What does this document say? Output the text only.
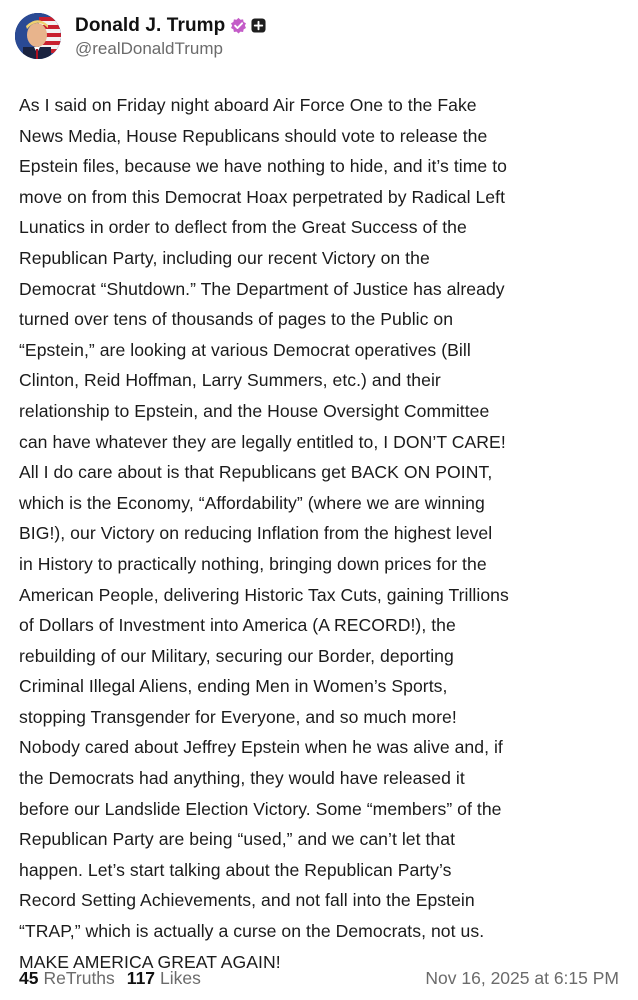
Donald J. Trump
@realDonaldTrump
As I said on Friday night aboard Air Force One to the Fake
News Media, House Republicans should vote to release the
Epstein files, because we have nothing to hide, and it’s time to
move on from this Democrat Hoax perpetrated by Radical Left
Lunatics in order to deflect from the Great Success of the
Republican Party, including our recent Victory on the
Democrat “Shutdown.” The Department of Justice has already
turned over tens of thousands of pages to the Public on
“Epstein,” are looking at various Democrat operatives (Bill
Clinton, Reid Hoffman, Larry Summers, etc.) and their
relationship to Epstein, and the House Oversight Committee
can have whatever they are legally entitled to, I DON’T CARE!
All I do care about is that Republicans get BACK ON POINT,
which is the Economy, “Affordability” (where we are winning
BIG!), our Victory on reducing Inflation from the highest level
in History to practically nothing, bringing down prices for the
American People, delivering Historic Tax Cuts, gaining Trillions
of Dollars of Investment into America (A RECORD!), the
rebuilding of our Military, securing our Border, deporting
Criminal Illegal Aliens, ending Men in Women’s Sports,
stopping Transgender for Everyone, and so much more!
Nobody cared about Jeffrey Epstein when he was alive and, if
the Democrats had anything, they would have released it
before our Landslide Election Victory. Some “members” of the
Republican Party are being “used,” and we can’t let that
happen. Let’s start talking about the Republican Party’s
Record Setting Achievements, and not fall into the Epstein
“TRAP,” which is actually a curse on the Democrats, not us.
MAKE AMERICA GREAT AGAIN!
45 ReTruths 117 Likes	Nov 16, 2025 at 6:15 PM
